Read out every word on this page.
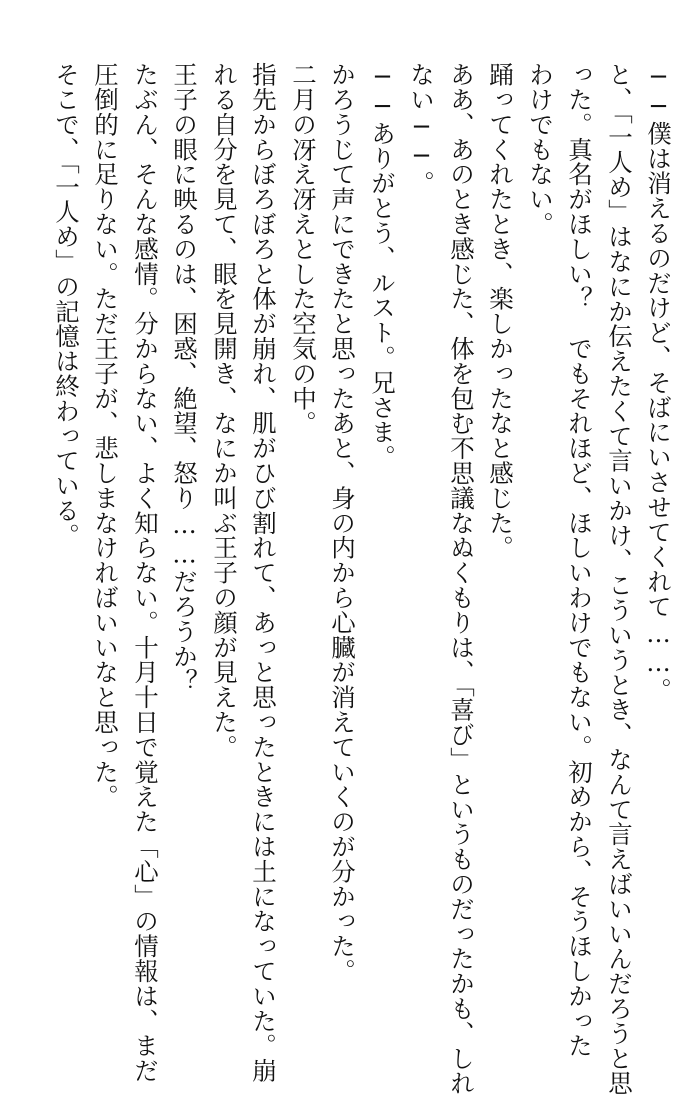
──僕は消えるのだけど、そばにいさせてくれて……。
と、「一人め」はなにか伝えたくて言いかけ、こういうとき、なんて言えばいいんだろうと思
った。真名がほしい？　でもそれほど、ほしいわけでもない。初めから、そうほしかった
わけでもない。
踊ってくれたとき、楽しかったなと感じた。
ああ、あのとき感じた、体を包む不思議なぬくもりは、「喜び」というものだったかも、しれ
ない──。
──ありがとう、ルスト。兄さま。
かろうじて声にできたと思ったあと、身の内から心臓が消えていくのが分かった。
二月の冴え冴えとした空気の中。
指先からぼろぼろと体が崩れ、肌がひび割れて、あっと思ったときには土になっていた。崩
れる自分を見て、眼を見開き、なにか叫ぶ王子の顔が見えた。
王子の眼に映るのは、困惑、絶望、怒り……だろうか？
たぶん、そんな感情。分からない、よく知らない。十月十日で覚えた「心」の情報は、まだ
圧倒的に足りない。ただ王子が、悲しまなければいいなと思った。
そこで、「一人め」の記憶は終わっている。
